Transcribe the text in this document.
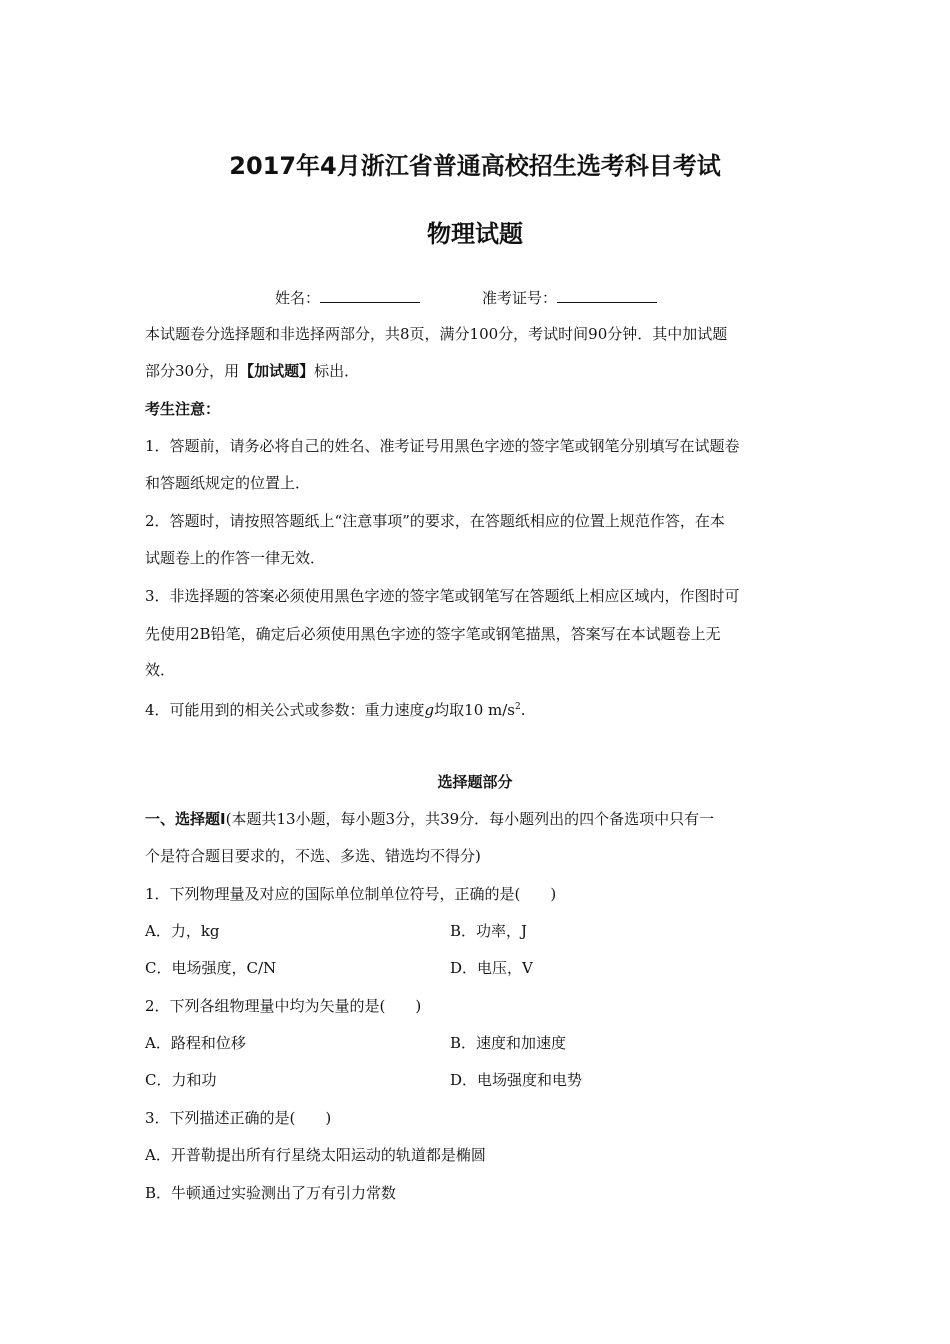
2017年4月浙江省普通高校招生选考科目考试
物理试题
姓名：	准考证号：
本试题卷分选择题和非选择两部分，共8页，满分100分，考试时间90分钟．其中加试题
部分30分，用【加试题】标出．
考生注意：
1．答题前，请务必将自己的姓名、准考证号用黑色字迹的签字笔或钢笔分别填写在试题卷
和答题纸规定的位置上．
2．答题时，请按照答题纸上“注意事项”的要求，在答题纸相应的位置上规范作答，在本
试题卷上的作答一律无效．
3．非选择题的答案必须使用黑色字迹的签字笔或钢笔写在答题纸上相应区域内，作图时可
先使用2B铅笔，确定后必须使用黑色字迹的签字笔或钢笔描黑，答案写在本试题卷上无
效．
4．可能用到的相关公式或参数：重力速度g均取10 $m/s^2$.
选择题部分
一、选择题Ⅰ(本题共13小题，每小题3分，共39分．每小题列出的四个备选项中只有一
个是符合题目要求的，不选、多选、错选均不得分)
1．下列物理量及对应的国际单位制单位符号，正确的是(　　)
A．力，kg	B．功率，J
C．电场强度，C/N	D．电压，V
2．下列各组物理量中均为矢量的是(　　)
A．路程和位移	B．速度和加速度
C．力和功	D．电场强度和电势
3．下列描述正确的是(　　)
A．开普勒提出所有行星绕太阳运动的轨道都是椭圆
B．牛顿通过实验测出了万有引力常数
